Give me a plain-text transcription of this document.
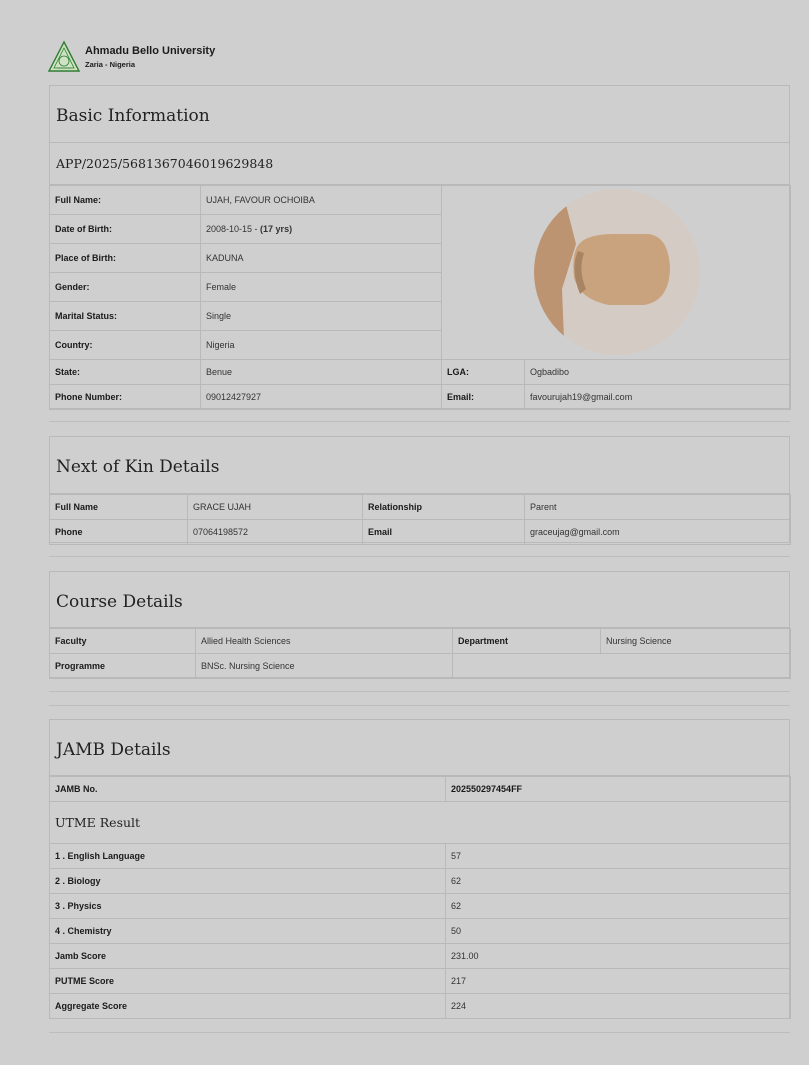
Ahmadu Bello University
Zaria - Nigeria
Basic Information
APP/2025/5681367046019629848
Full Name:	UJAH, FAVOUR OCHOIBA	

Date of Birth:	2008-10-15 - (17 yrs)		
Place of Birth:	KADUNA		
Gender:	Female		
Marital Status:	Single		
Country:	Nigeria		
State:	Benue	LGA:	Ogbadibo
Phone Number:	09012427927	Email:	favourujah19@gmail.com
Next of Kin Details
Full Name	GRACE UJAH	Relationship	Parent
Phone	07064198572	Email	graceujag@gmail.com
Course Details
Faculty	Allied Health Sciences	Department	Nursing Science
Programme	BNSc. Nursing Science		
JAMB Details
JAMB No.	202550297454FF
UTME Result	
1 . English Language	57
2 . Biology	62
3 . Physics	62
4 . Chemistry	50
Jamb Score	231.00
PUTME Score	217
Aggregate Score	224
